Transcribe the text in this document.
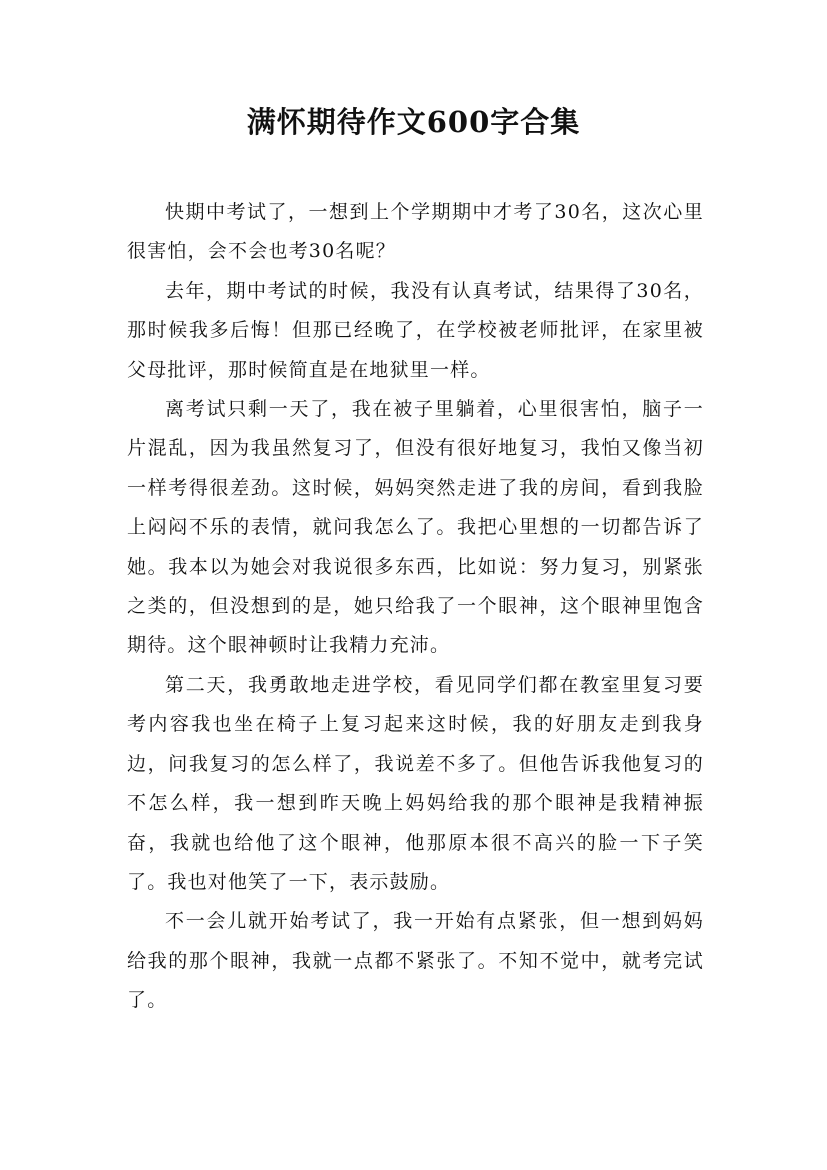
满怀期待作文600字合集

快期中考试了，一想到上个学期期中才考了30名，这次心里很害怕，会不会也考30名呢？

去年，期中考试的时候，我没有认真考试，结果得了30名，那时候我多后悔！但那已经晚了，在学校被老师批评，在家里被父母批评，那时候简直是在地狱里一样。

离考试只剩一天了，我在被子里躺着，心里很害怕，脑子一片混乱，因为我虽然复习了，但没有很好地复习，我怕又像当初一样考得很差劲。这时候，妈妈突然走进了我的房间，看到我脸上闷闷不乐的表情，就问我怎么了。我把心里想的一切都告诉了她。我本以为她会对我说很多东西，比如说：努力复习，别紧张之类的，但没想到的是，她只给我了一个眼神，这个眼神里饱含期待。这个眼神顿时让我精力充沛。

第二天，我勇敢地走进学校，看见同学们都在教室里复习要考内容我也坐在椅子上复习起来这时候，我的好朋友走到我身边，问我复习的怎么样了，我说差不多了。但他告诉我他复习的不怎么样，我一想到昨天晚上妈妈给我的那个眼神是我精神振奋，我就也给他了这个眼神，他那原本很不高兴的脸一下子笑了。我也对他笑了一下，表示鼓励。

不一会儿就开始考试了，我一开始有点紧张，但一想到妈妈给我的那个眼神，我就一点都不紧张了。不知不觉中，就考完试了。
